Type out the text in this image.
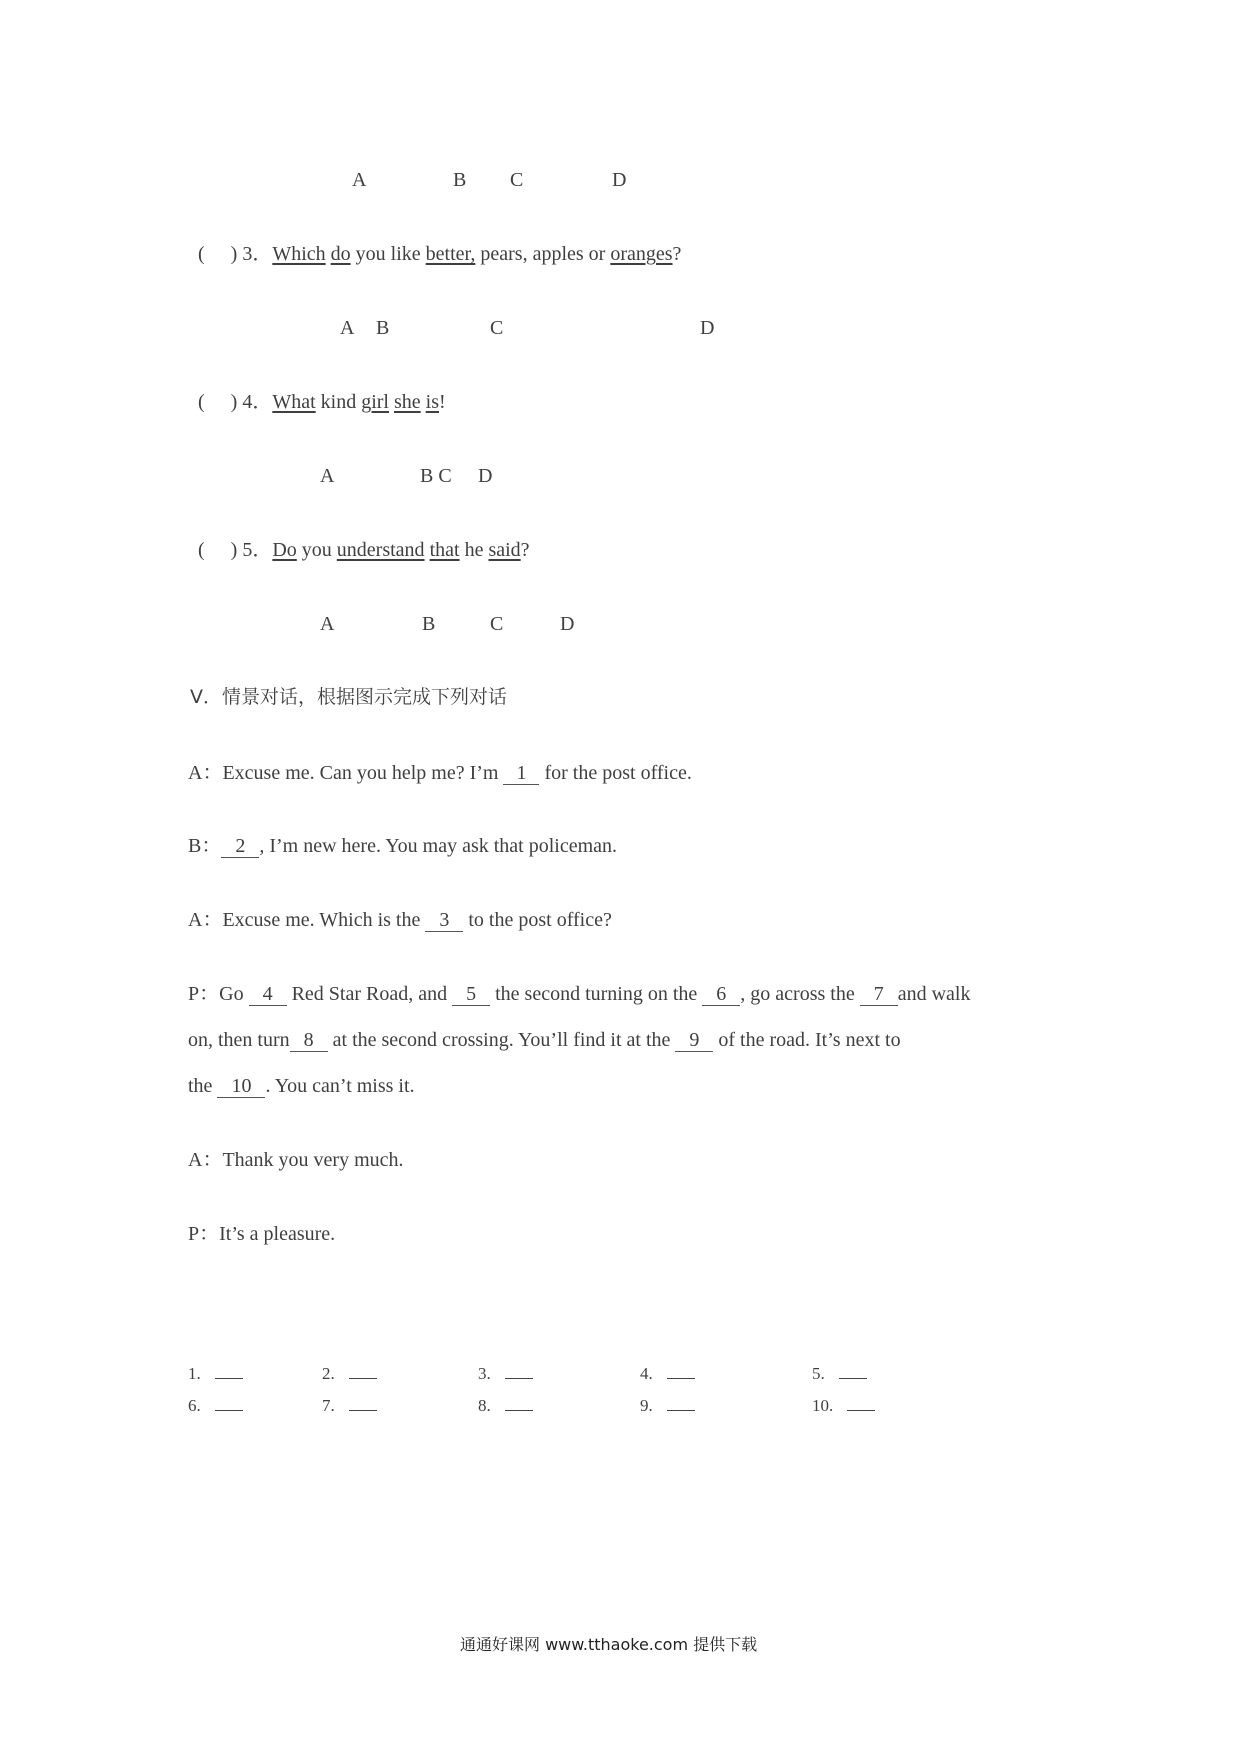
A	B C	D
( ) 3．Which do you like better, pears, apples or oranges?
A B	C	D
( ) 4．What kind girl she is!
A	B C D
( ) 5．Do you understand that he said?
A	B	C	D
V．情景对话，根据图示完成下列对话
A：Excuse me. Can you help me? I’m 1 for the post office.
B： 2 , I’m new here. You may ask that policeman.
A：Excuse me. Which is the 3 to the post office?
P：Go 4 Red Star Road, and 5 the second turning on the 6 , go across the 7 and walk
on, then turn 8 at the second crossing. You’ll find it at the 9 of the road. It’s next to
the 10 . You can’t miss it.
A：Thank you very much.
P：It’s a pleasure.
1.	2.	3.	4.	5.
6.	7.	8.	9.	10.
通通好课网 www.tthaoke.com 提供下载
